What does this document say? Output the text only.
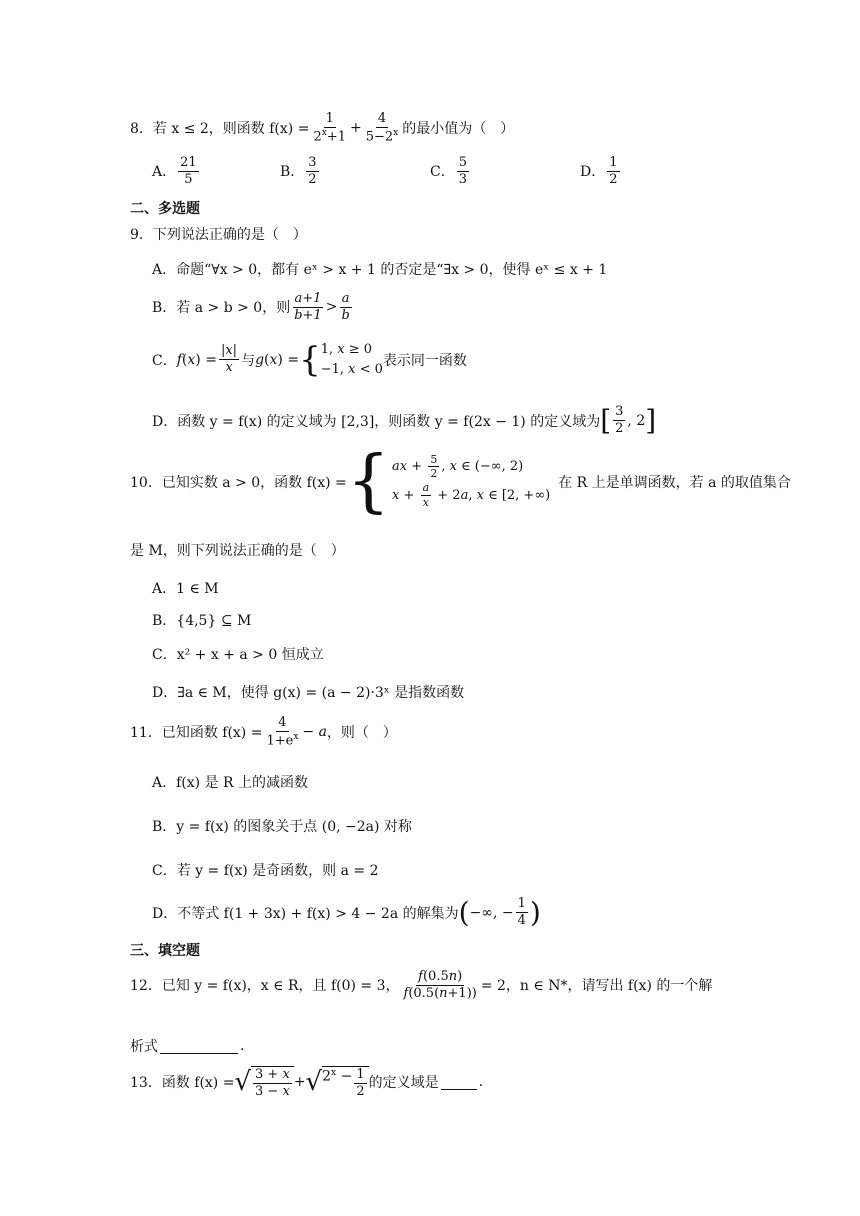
8．若 x ≤ 2，则函数 $f(x) = \frac{1}{2^x+1} + \frac{4}{5-2^x}$ 的最小值为（　）
A． $\frac{21}{5}$	B． $\frac{3}{2}$	C． $\frac{5}{3}$	D． $\frac{1}{2}$
二、多选题
9．下列说法正确的是（　）
A．命题“∀x > 0，都有 eˣ > x + 1 的否定是“∃x > 0，使得 eˣ ≤ x + 1
B．若 a > b > 0，则 $\frac{a+1}{b+1} > \frac{a}{b}$
C． f ( x ) = $\frac{|x|}{x}$ 与 g ( x ) = { 1, x ≥ 0
−1, x < 0
表示同一函数
D．函数 y = f(x) 的定义域为 [2,3]，则函数 y = f(2x − 1) 的定义域为 [ $\frac{3}{2}$ , 2 ]
10．已知实数 a > 0，函数 f(x) = { ax + $\frac{5}{2}$ , x ∈ (−∞, 2)
$x + \frac{a}{x} + 2a$, x ∈ [2, +∞)
在 R 上是单调函数，若 a 的取值集合
是 M，则下列说法正确的是（　）
A．1 ∈ M
B．{4,5} ⊆ M
C．x² + x + a > 0 恒成立
D．∃a ∈ M，使得 g(x) = (a − 2)·3ˣ 是指数函数
11．已知函数 $f(x) = \frac{4}{1+e^x} - a$ ，则（　）
A．f(x) 是 R 上的减函数
B．y = f(x) 的图象关于点 (0, −2a) 对称
C．若 y = f(x) 是奇函数，则 a = 2
D．不等式 f(1 + 3x) + f(x) > 4 − 2a 的解集为 ( −∞, − $\frac{1}{4}$ )
三、填空题
12．已知 y = f(x)，x ∈ R，且 f(0) = 3， $\frac{f(0.5n)}{f(0.5(n+1))} = 2$，n ∈ N*，请写出 f(x) 的一个解
析式	.
13．函数 f(x) = √ $\frac{3 + x}{3 - x}$ + √ $2^x - \frac{1}{2}$ 的定义域是	.
